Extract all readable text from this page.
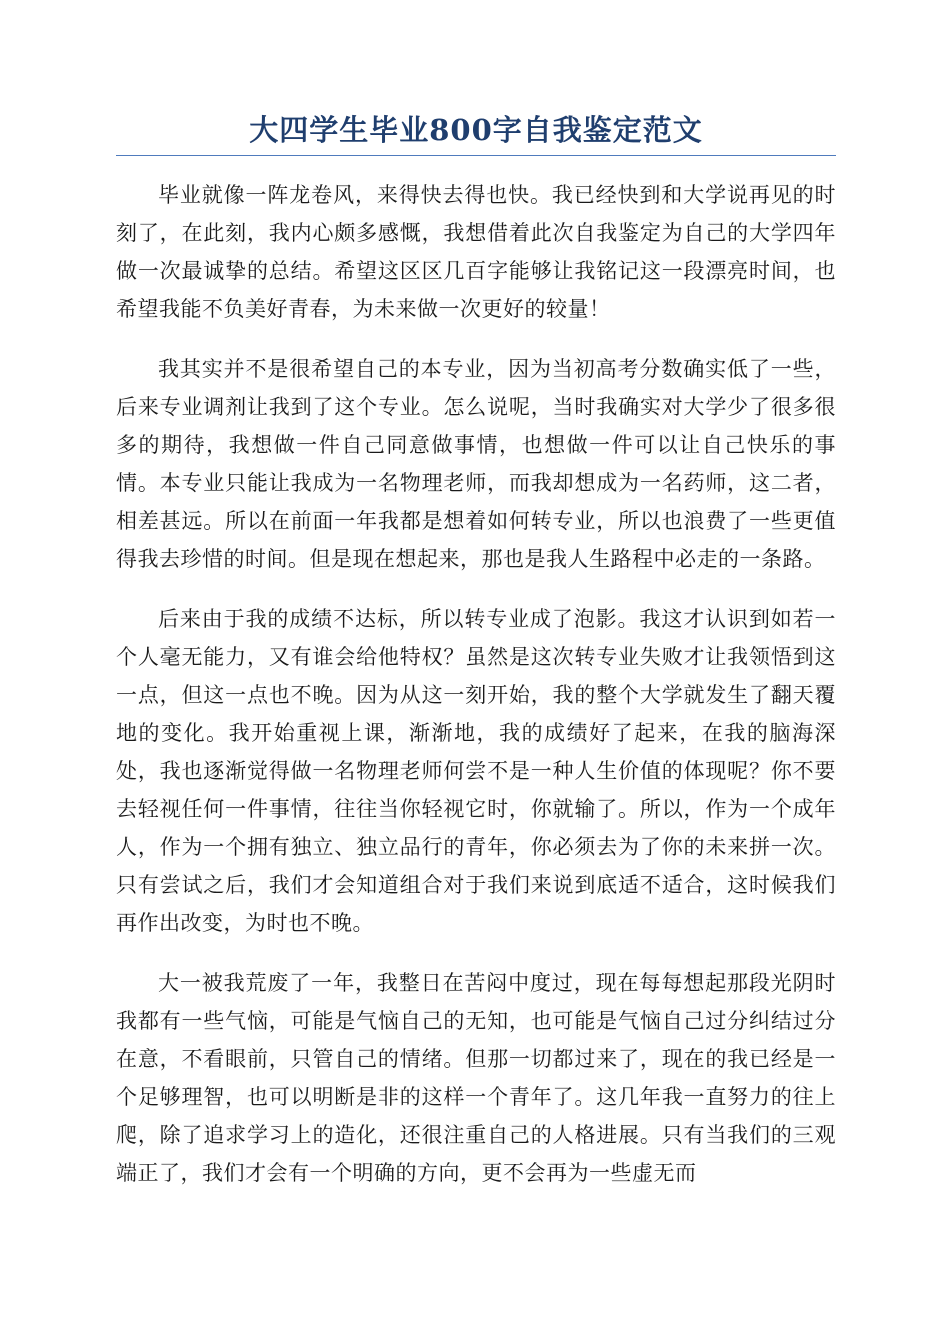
大四学生毕业800字自我鉴定范文

毕业就像一阵龙卷风，来得快去得也快。我已经快到和大学说再见的时刻了，在此刻，我内心颇多感慨，我想借着此次自我鉴定为自己的大学四年做一次最诚挚的总结。希望这区区几百字能够让我铭记这一段漂亮时间，也希望我能不负美好青春，为未来做一次更好的较量！

我其实并不是很希望自己的本专业，因为当初高考分数确实低了一些，后来专业调剂让我到了这个专业。怎么说呢，当时我确实对大学少了很多很多的期待，我想做一件自己同意做事情，也想做一件可以让自己快乐的事情。本专业只能让我成为一名物理老师，而我却想成为一名药师，这二者，相差甚远。所以在前面一年我都是想着如何转专业，所以也浪费了一些更值得我去珍惜的时间。但是现在想起来，那也是我人生路程中必走的一条路。

后来由于我的成绩不达标，所以转专业成了泡影。我这才认识到如若一个人毫无能力，又有谁会给他特权？虽然是这次转专业失败才让我领悟到这一点，但这一点也不晚。因为从这一刻开始，我的整个大学就发生了翻天覆地的变化。我开始重视上课，渐渐地，我的成绩好了起来，在我的脑海深处，我也逐渐觉得做一名物理老师何尝不是一种人生价值的体现呢？你不要去轻视任何一件事情，往往当你轻视它时，你就输了。所以，作为一个成年人，作为一个拥有独立、独立品行的青年，你必须去为了你的未来拼一次。只有尝试之后，我们才会知道组合对于我们来说到底适不适合，这时候我们再作出改变，为时也不晚。

大一被我荒废了一年，我整日在苦闷中度过，现在每每想起那段光阴时我都有一些气恼，可能是气恼自己的无知，也可能是气恼自己过分纠结过分在意，不看眼前，只管自己的情绪。但那一切都过来了，现在的我已经是一个足够理智，也可以明断是非的这样一个青年了。这几年我一直努力的往上爬，除了追求学习上的造化，还很注重自己的人格进展。只有当我们的三观端正了，我们才会有一个明确的方向，更不会再为一些虚无而
